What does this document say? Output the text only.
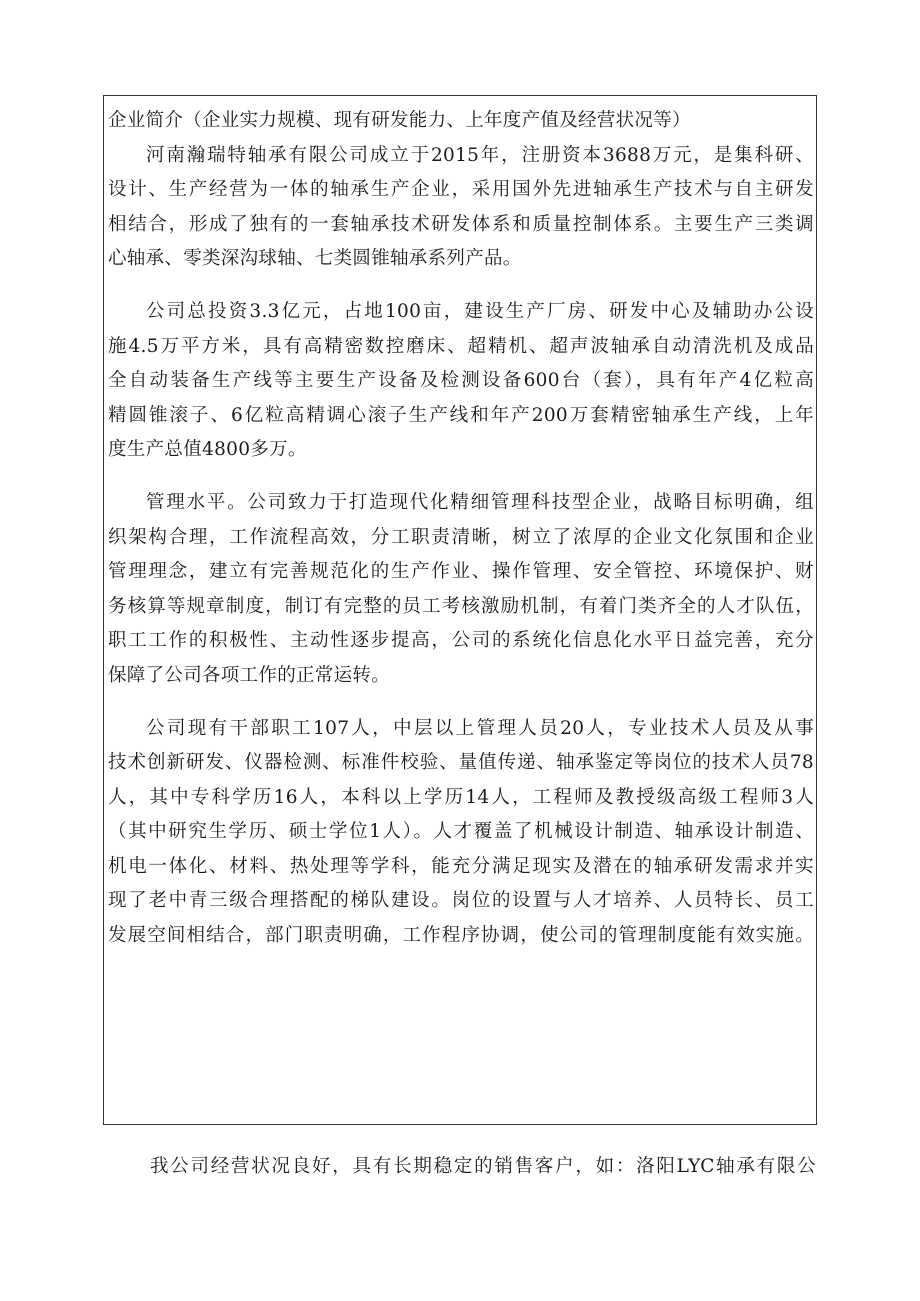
企业简介（企业实力规模、现有研发能力、上年度产值及经营状况等）
河南瀚瑞特轴承有限公司成立于2015年，注册资本3688万元，是集科研、
设计、生产经营为一体的轴承生产企业，采用国外先进轴承生产技术与自主研发
相结合，形成了独有的一套轴承技术研发体系和质量控制体系。主要生产三类调
心轴承、零类深沟球轴、七类圆锥轴承系列产品。
公司总投资3.3亿元，占地100亩，建设生产厂房、研发中心及辅助办公设
施4.5万平方米，具有高精密数控磨床、超精机、超声波轴承自动清洗机及成品
全自动装备生产线等主要生产设备及检测设备600台（套），具有年产4亿粒高
精圆锥滚子、6亿粒高精调心滚子生产线和年产200万套精密轴承生产线，上年
度生产总值4800多万。
管理水平。公司致力于打造现代化精细管理科技型企业，战略目标明确，组
织架构合理，工作流程高效，分工职责清晰，树立了浓厚的企业文化氛围和企业
管理理念，建立有完善规范化的生产作业、操作管理、安全管控、环境保护、财
务核算等规章制度，制订有完整的员工考核激励机制，有着门类齐全的人才队伍，
职工工作的积极性、主动性逐步提高，公司的系统化信息化水平日益完善，充分
保障了公司各项工作的正常运转。
公司现有干部职工107人，中层以上管理人员20人，专业技术人员及从事
技术创新研发、仪器检测、标准件校验、量值传递、轴承鉴定等岗位的技术人员78
人，其中专科学历16人，本科以上学历14人，工程师及教授级高级工程师3人
（其中研究生学历、硕士学位1人）。人才覆盖了机械设计制造、轴承设计制造、
机电一体化、材料、热处理等学科，能充分满足现实及潜在的轴承研发需求并实
现了老中青三级合理搭配的梯队建设。岗位的设置与人才培养、人员特长、员工
发展空间相结合，部门职责明确，工作程序协调，使公司的管理制度能有效实施。
我公司经营状况良好，具有长期稳定的销售客户，如：洛阳LYC轴承有限公
